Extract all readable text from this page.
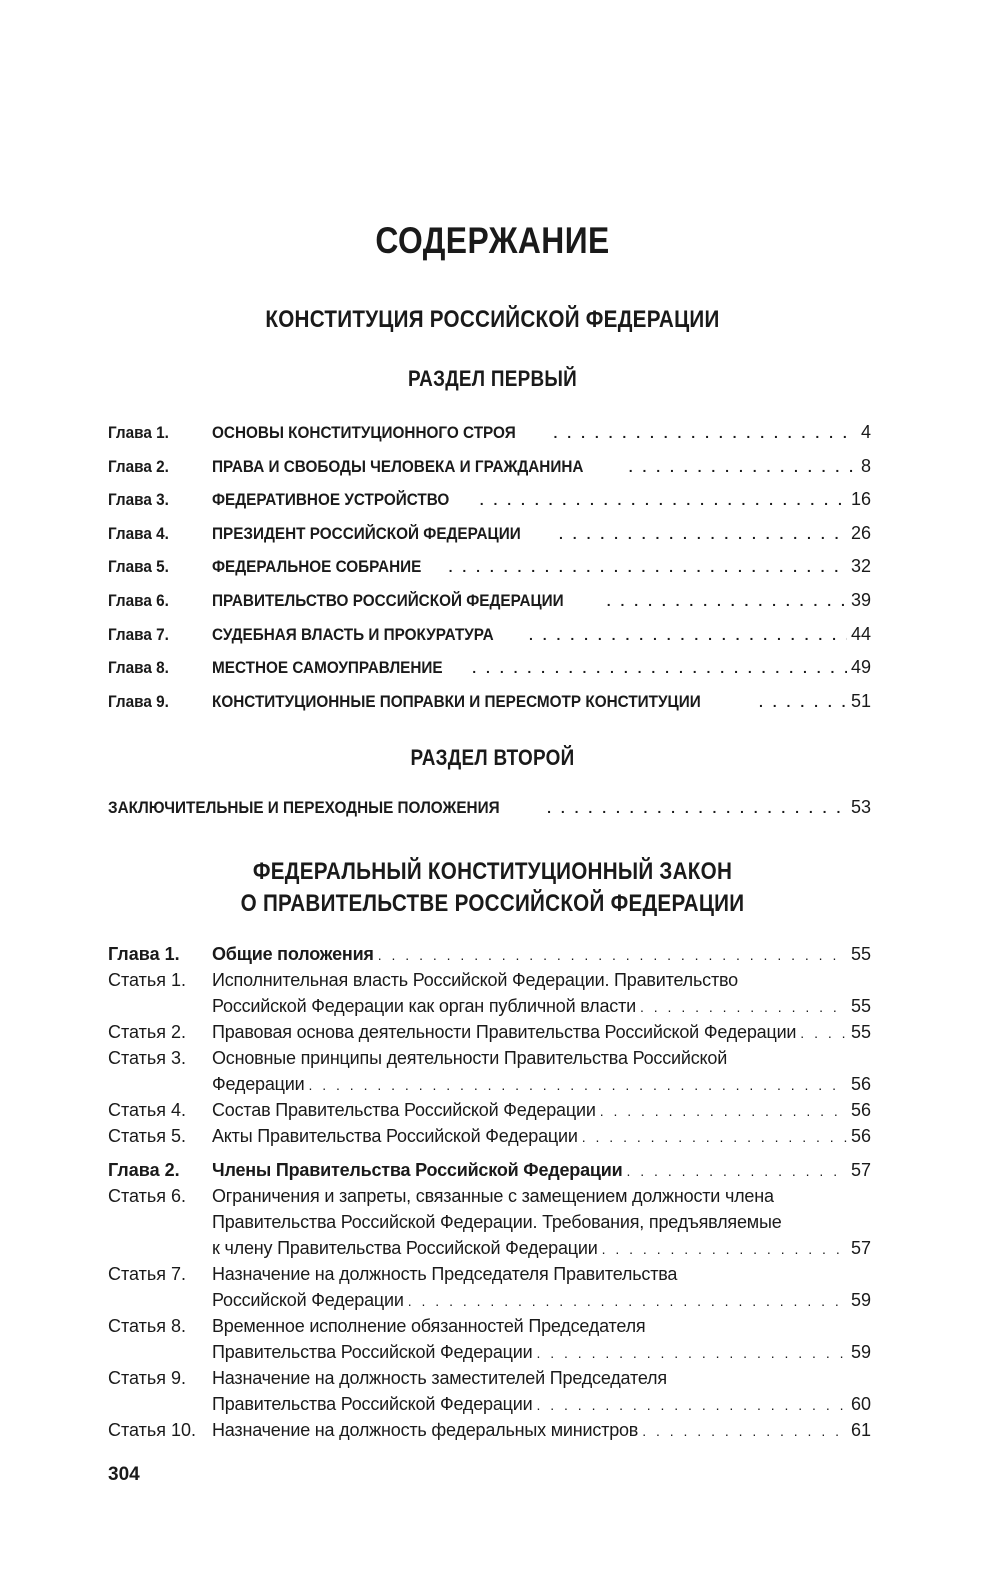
СОДЕРЖАНИЕ
КОНСТИТУЦИЯ РОССИЙСКОЙ ФЕДЕРАЦИИ
РАЗДЕЛ ПЕРВЫЙ
Глава 1.	ОСНОВЫ КОНСТИТУЦИОННОГО СТРОЯ . . .	4
Глава 2.	ПРАВА И СВОБОДЫ ЧЕЛОВЕКА И ГРАЖДАНИНА . . .	8
Глава 3.	ФЕДЕРАТИВНОЕ УСТРОЙСТВО . . .	16
Глава 4.	ПРЕЗИДЕНТ РОССИЙСКОЙ ФЕДЕРАЦИИ . . .	26
Глава 5.	ФЕДЕРАЛЬНОЕ СОБРАНИЕ . . .	32
Глава 6.	ПРАВИТЕЛЬСТВО РОССИЙСКОЙ ФЕДЕРАЦИИ . . .	39
Глава 7.	СУДЕБНАЯ ВЛАСТЬ И ПРОКУРАТУРА . . .	44
Глава 8.	МЕСТНОЕ САМОУПРАВЛЕНИЕ . . .	49
Глава 9.	КОНСТИТУЦИОННЫЕ ПОПРАВКИ И ПЕРЕСМОТР КОНСТИТУЦИИ . . .	51
РАЗДЕЛ ВТОРОЙ
ЗАКЛЮЧИТЕЛЬНЫЕ И ПЕРЕХОДНЫЕ ПОЛОЖЕНИЯ . . .	53
ФЕДЕРАЛЬНЫЙ КОНСТИТУЦИОННЫЙ ЗАКОН
О ПРАВИТЕЛЬСТВЕ РОССИЙСКОЙ ФЕДЕРАЦИИ
Глава 1.	Общие положения . . .	55
Статья 1.	Исполнительная власть Российской Федерации. Правительство
Российской Федерации как орган публичной власти . . .	55
Статья 2.	Правовая основа деятельности Правительства Российской Федерации . . .	55
Статья 3.	Основные принципы деятельности Правительства Российской
Федерации . . .	56
Статья 4.	Состав Правительства Российской Федерации . . .	56
Статья 5.	Акты Правительства Российской Федерации . . .	56
Глава 2.	Члены Правительства Российской Федерации . . .	57
Статья 6.	Ограничения и запреты, связанные с замещением должности члена
Правительства Российской Федерации. Требования, предъявляемые
к члену Правительства Российской Федерации . . .	57
Статья 7.	Назначение на должность Председателя Правительства
Российской Федерации . . .	59
Статья 8.	Временное исполнение обязанностей Председателя
Правительства Российской Федерации . . .	59
Статья 9.	Назначение на должность заместителей Председателя
Правительства Российской Федерации . . .	60
Статья 10. Назначение на должность федеральных министров . . .	61
304
